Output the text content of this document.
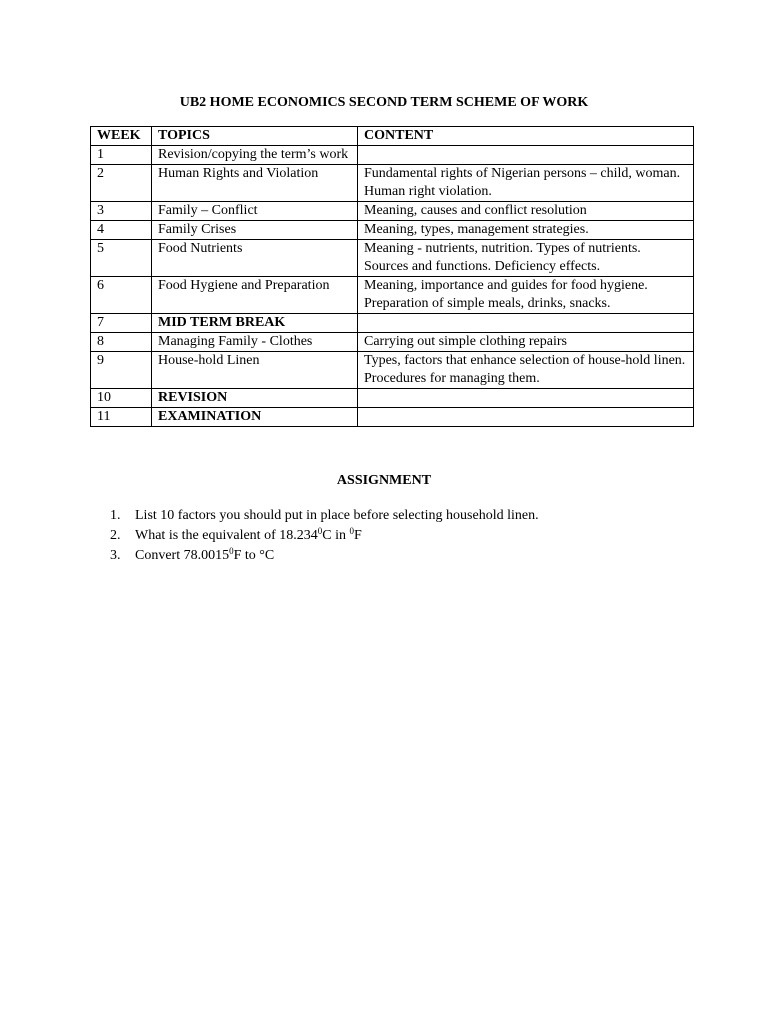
UB2 HOME ECONOMICS SECOND TERM SCHEME OF WORK
WEEK	TOPICS	CONTENT
1	Revision/copying the term’s work	
2	Human Rights and Violation	Fundamental rights of Nigerian persons – child, woman. Human right violation.
3	Family – Conflict	Meaning, causes and conflict resolution
4	Family Crises	Meaning, types, management strategies.
5	Food Nutrients	Meaning - nutrients, nutrition. Types of nutrients. Sources and functions. Deficiency effects.
6	Food Hygiene and Preparation	Meaning, importance and guides for food hygiene. Preparation of simple meals, drinks, snacks.
7	MID TERM BREAK	
8	Managing Family - Clothes	Carrying out simple clothing repairs
9	House-hold Linen	Types, factors that enhance selection of house-hold linen. Procedures for managing them.
10	REVISION	
11	EXAMINATION	
ASSIGNMENT
1.	List 10 factors you should put in place before selecting household linen.
2.	What is the equivalent of 18.234$^0$C in $^0$F
3.	Convert 78.0015$^0$F to °C
